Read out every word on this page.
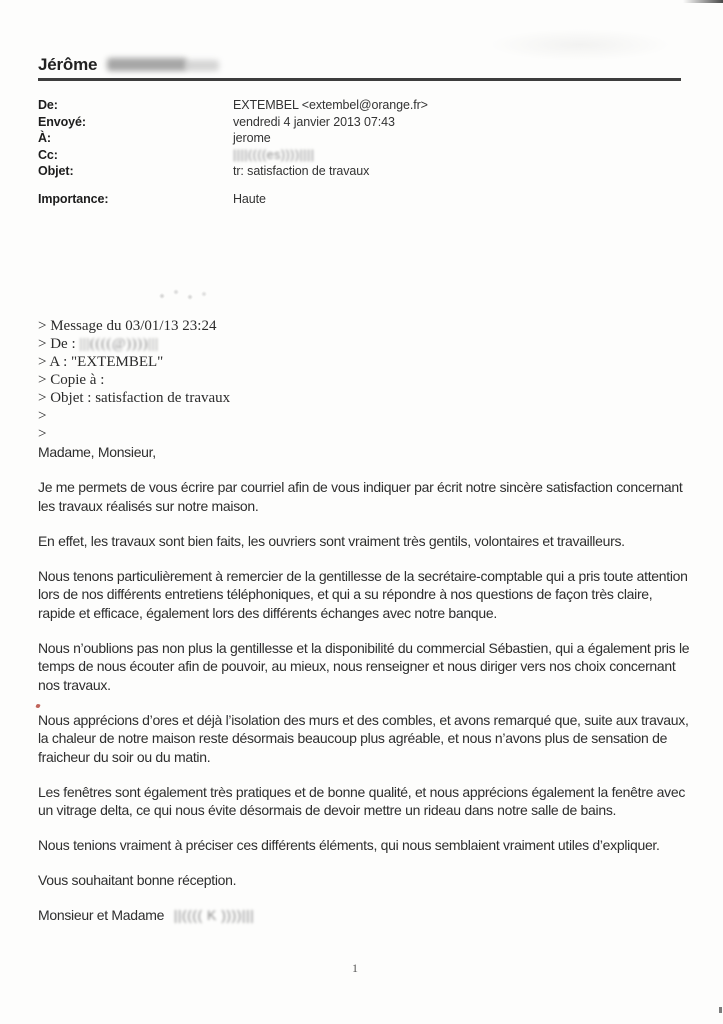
Jérôme
De:	EXTEMBEL <extembel@orange.fr>
Envoyé:	vendredi 4 janvier 2013 07:43
À:	jerome
Cc:	||||((((es))))||||
Objet:	tr: satisfaction de travaux
Importance:	Haute
> Message du 03/01/13 23:24
> De : |||((((@))))|||
> A : "EXTEMBEL"
> Copie à :
> Objet : satisfaction de travaux
>
>

Madame, Monsieur,

Je me permets de vous écrire par courriel afin de vous indiquer par écrit notre sincère satisfaction concernant les travaux réalisés sur notre maison.

En effet, les travaux sont bien faits, les ouvriers sont vraiment très gentils, volontaires et travailleurs.

Nous tenons particulièrement à remercier de la gentillesse de la secrétaire-comptable qui a pris toute attention lors de nos différents entretiens téléphoniques, et qui a su répondre à nos questions de façon très claire, rapide et efficace, également lors des différents échanges avec notre banque.

Nous n’oublions pas non plus la gentillesse et la disponibilité du commercial Sébastien, qui a également pris le temps de nous écouter afin de pouvoir, au mieux, nous renseigner et nous diriger vers nos choix concernant nos travaux.

Nous apprécions d’ores et déjà l’isolation des murs et des combles, et avons remarqué que, suite aux travaux, la chaleur de notre maison reste désormais beaucoup plus agréable, et nous n’avons plus de sensation de fraicheur du soir ou du matin.

Les fenêtres sont également très pratiques et de bonne qualité, et nous apprécions également la fenêtre avec un vitrage delta, ce qui nous évite désormais de devoir mettre un rideau dans notre salle de bains.

Nous tenions vraiment à préciser ces différents éléments, qui nous semblaient vraiment utiles d’expliquer.

Vous souhaitant bonne réception.

Monsieur et Madame ||(((( K ))))|||

1
